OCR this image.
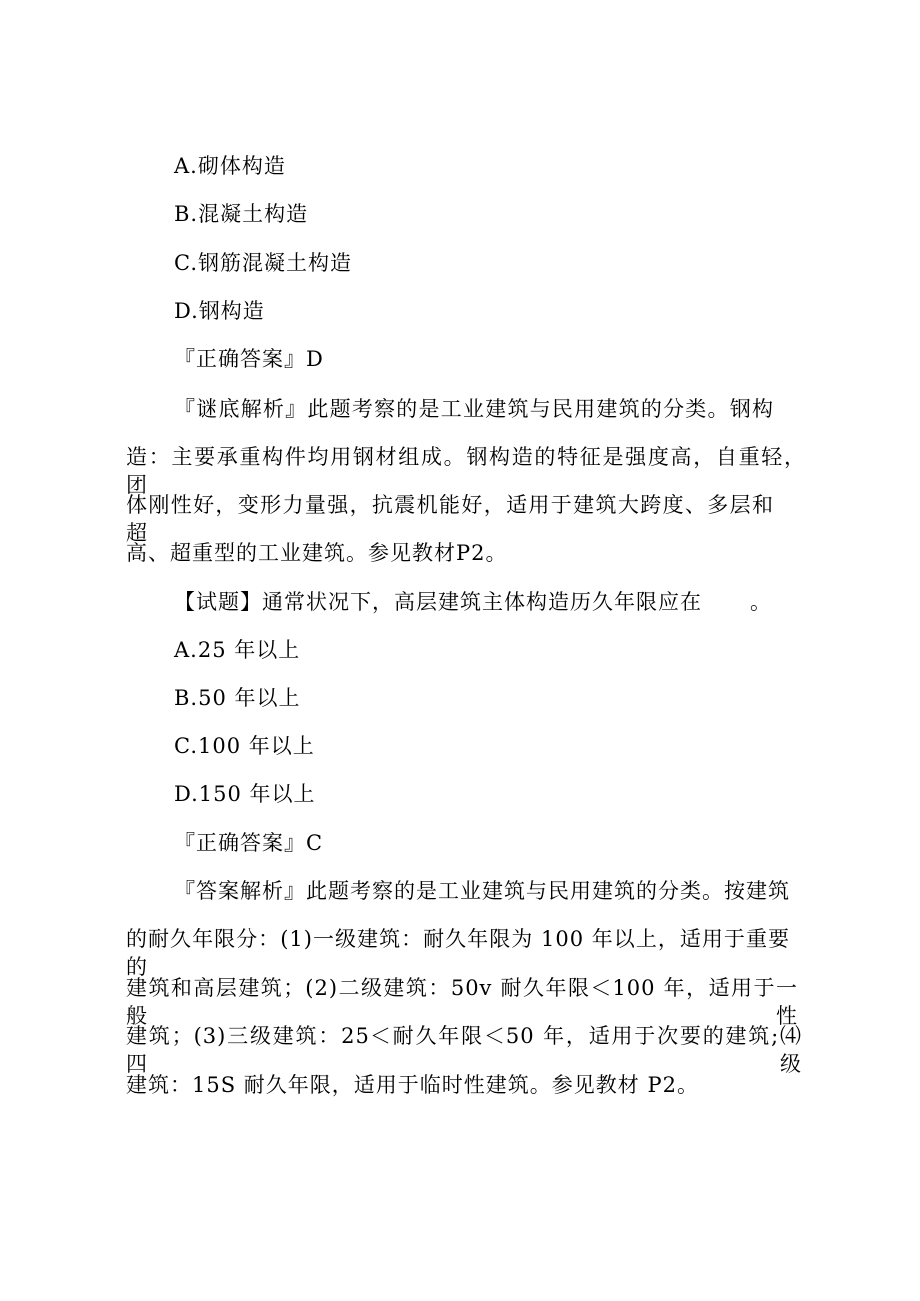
A.砌体构造
B.混凝土构造
C.钢筋混凝土构造
D.钢构造
『正确答案』D
『谜底解析』此题考察的是工业建筑与民用建筑的分类。钢构
造：主要承重构件均用钢材组成。钢构造的特征是强度高，自重轻，团
体刚性好，变形力量强，抗震机能好，适用于建筑大跨度、多层和超
高、超重型的工业建筑。参见教材P2。
【试题】通常状况下，高层建筑主体构造历久年限应在 。
A.25 年以上
B.50 年以上
C.100 年以上
D.150 年以上
『正确答案』C
『答案解析』此题考察的是工业建筑与民用建筑的分类。按建筑
的耐久年限分：(1)一级建筑：耐久年限为 100 年以上，适用于重要的
建筑和高层建筑；(2)二级建筑：50v 耐久年限＜100 年，适用于一般性
建筑；(3)三级建筑：25＜耐久年限＜50 年，适用于次要的建筑;⑷四级
建筑：15S 耐久年限，适用于临时性建筑。参见教材 P2。
